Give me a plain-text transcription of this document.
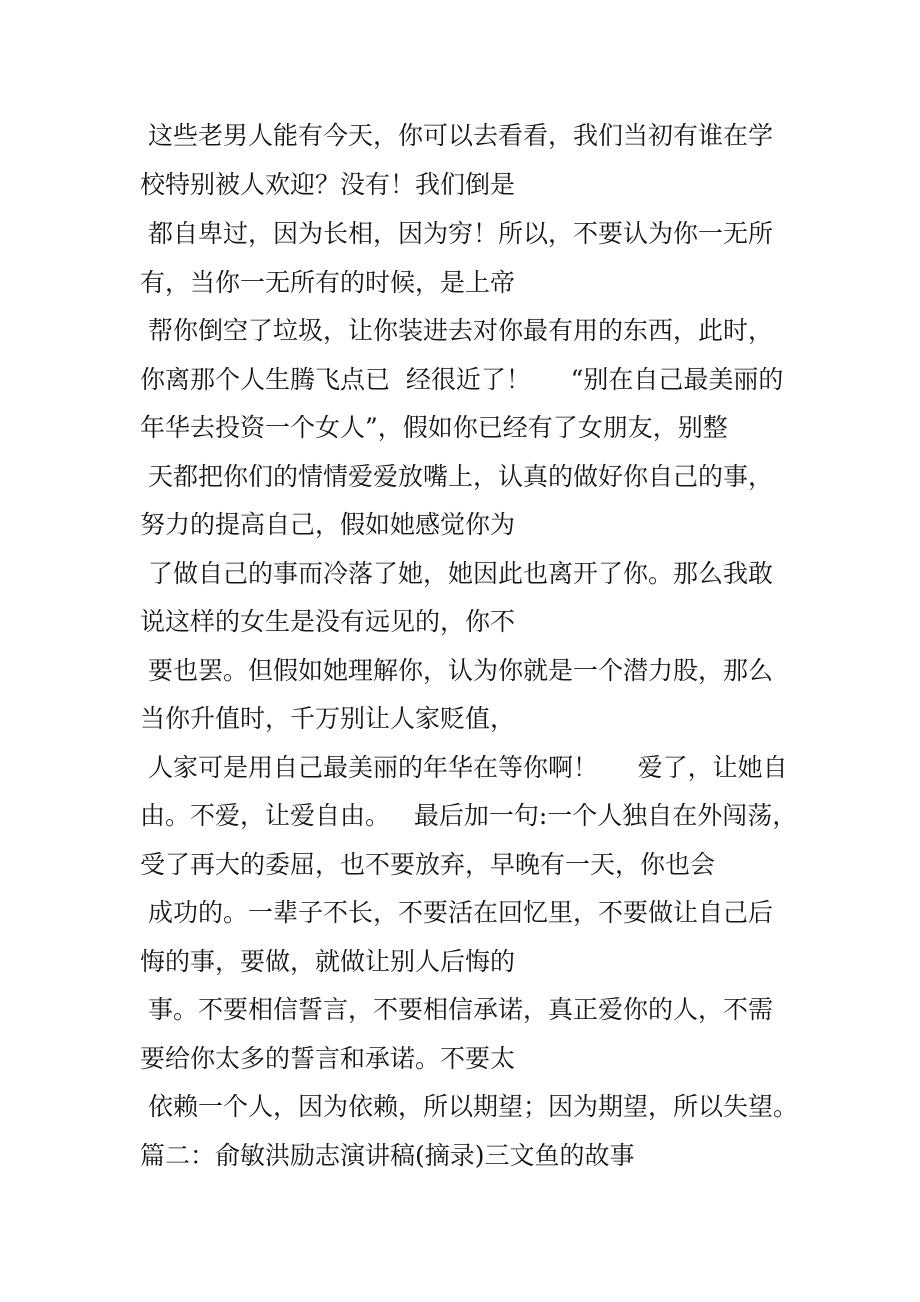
这些老男人能有今天，你可以去看看，我们当初有谁在学
校特别被人欢迎？没有！我们倒是
都自卑过，因为长相，因为穷！所以，不要认为你一无所
有，当你一无所有的时候，是上帝
帮你倒空了垃圾，让你装进去对你最有用的东西，此时，
你离那个人生腾飞点已  经很近了！     “别在自己最美丽的
年华去投资一个女人”，假如你已经有了女朋友，别整
天都把你们的情情爱爱放嘴上，认真的做好你自己的事，
努力的提高自己，假如她感觉你为
了做自己的事而冷落了她，她因此也离开了你。那么我敢
说这样的女生是没有远见的，你不
要也罢。但假如她理解你，认为你就是一个潜力股，那么
当你升值时，千万别让人家贬值，
人家可是用自己最美丽的年华在等你啊！     爱了，让她自
由。不爱，让爱自由。   最后加一句:一个人独自在外闯荡，
受了再大的委屈，也不要放弃，早晚有一天，你也会
成功的。一辈子不长，不要活在回忆里，不要做让自己后
悔的事，要做，就做让别人后悔的
事。不要相信誓言，不要相信承诺，真正爱你的人，不需
要给你太多的誓言和承诺。不要太
依赖一个人，因为依赖，所以期望；因为期望，所以失望。
篇二：俞敏洪励志演讲稿(摘录)三文鱼的故事
